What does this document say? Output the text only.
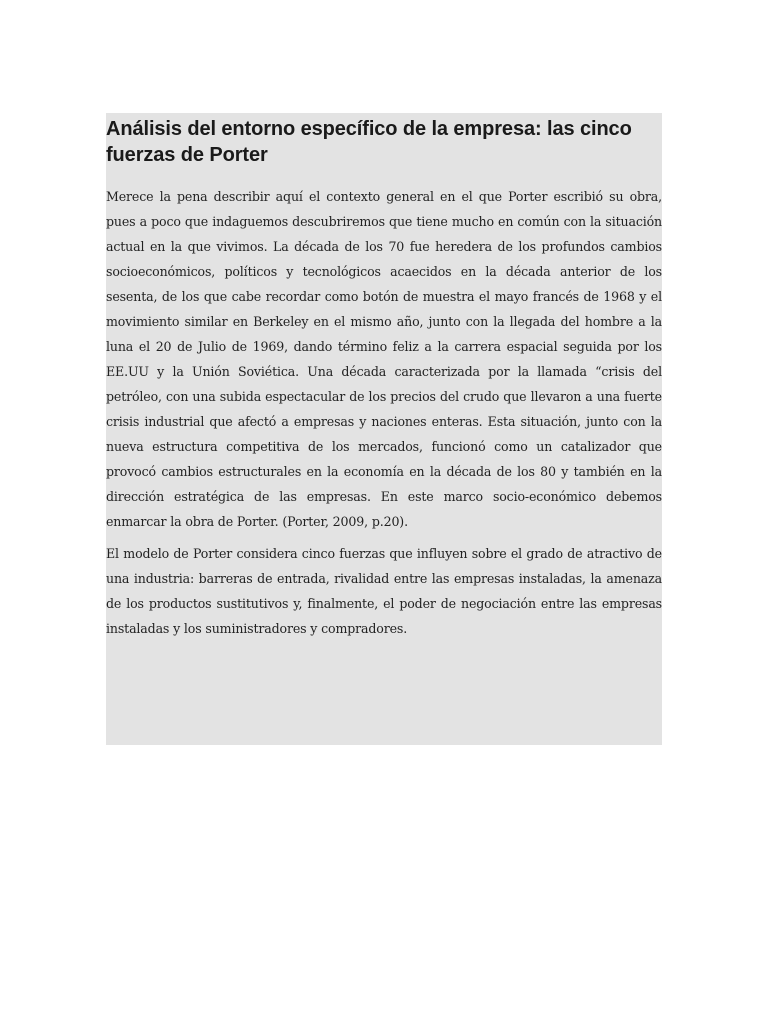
Análisis del entorno específico de la empresa: las cinco fuerzas de Porter

Merece la pena describir aquí el contexto general en el que Porter escribió su obra, pues a poco que indaguemos descubriremos que tiene mucho en común con la situación actual en la que vivimos. La década de los 70 fue heredera de los profundos cambios socioeconómicos, políticos y tecnológicos acaecidos en la década anterior de los sesenta, de los que cabe recordar como botón de muestra el mayo francés de 1968 y el movimiento similar en Berkeley en el mismo año, junto con la llegada del hombre a la luna el 20 de Julio de 1969, dando término feliz a la carrera espacial seguida por los EE.UU y la Unión Soviética. Una década caracterizada por la llamada “crisis del petróleo, con una subida espectacular de los precios del crudo que llevaron a una fuerte crisis industrial que afectó a empresas y naciones enteras. Esta situación, junto con la nueva estructura competitiva de los mercados, funcionó como un catalizador que provocó cambios estructurales en la economía en la década de los 80 y también en la dirección estratégica de las empresas. En este marco socio-económico debemos enmarcar la obra de Porter. (Porter, 2009, p.20).

El modelo de Porter considera cinco fuerzas que influyen sobre el grado de atractivo de una industria: barreras de entrada, rivalidad entre las empresas instaladas, la amenaza de los productos sustitutivos y, finalmente, el poder de negociación entre las empresas instaladas y los suministradores y compradores.
